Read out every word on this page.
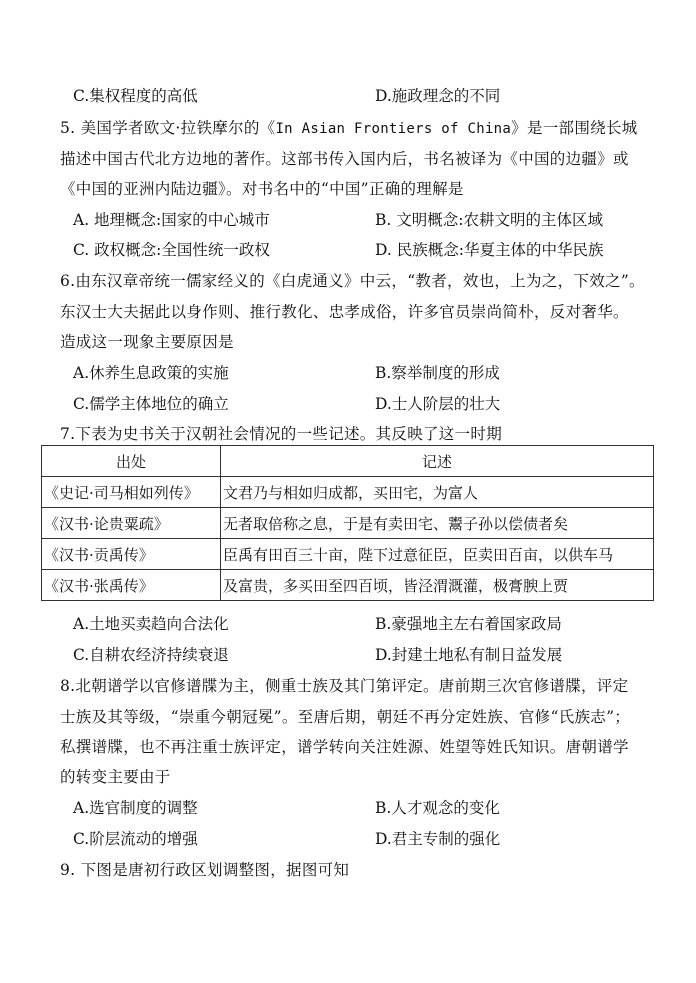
C.集权程度的高低	D.施政理念的不同
5. 美国学者欧文·拉铁摩尔的《In Asian Frontiers of China》是一部围绕长城
描述中国古代北方边地的著作。这部书传入国内后，书名被译为《中国的边疆》或
《中国的亚洲内陆边疆》。对书名中的“中国”正确的理解是
A. 地理概念:国家的中心城市	B. 文明概念:农耕文明的主体区域
C. 政权概念:全国性统一政权	D. 民族概念:华夏主体的中华民族
6.由东汉章帝统一儒家经义的《白虎通义》中云，“教者，效也，上为之，下效之”。
东汉士大夫据此以身作则、推行教化、忠孝成俗，许多官员崇尚简朴，反对奢华。
造成这一现象主要原因是
A.休养生息政策的实施	B.察举制度的形成
C.儒学主体地位的确立	D.士人阶层的壮大
7.下表为史书关于汉朝社会情况的一些记述。其反映了这一时期
出处	记述
《史记·司马相如列传》	文君乃与相如归成都，买田宅，为富人
《汉书·论贵粟疏》	无者取倍称之息，于是有卖田宅、鬻子孙以偿债者矣
《汉书·贡禹传》	臣禹有田百三十亩，陛下过意征臣，臣卖田百亩，以供车马
《汉书·张禹传》	及富贵，多买田至四百顷，皆泾渭溉灌，极膏腴上贾
A.土地买卖趋向合法化	B.豪强地主左右着国家政局
C.自耕农经济持续衰退	D.封建土地私有制日益发展
8.北朝谱学以官修谱牒为主，侧重士族及其门第评定。唐前期三次官修谱牒，评定
士族及其等级，“崇重今朝冠冕”。至唐后期，朝廷不再分定姓族、官修“氏族志”；
私撰谱牒，也不再注重士族评定，谱学转向关注姓源、姓望等姓氏知识。唐朝谱学
的转变主要由于
A.选官制度的调整	B.人才观念的变化
C.阶层流动的增强	D.君主专制的强化
9. 下图是唐初行政区划调整图，据图可知
